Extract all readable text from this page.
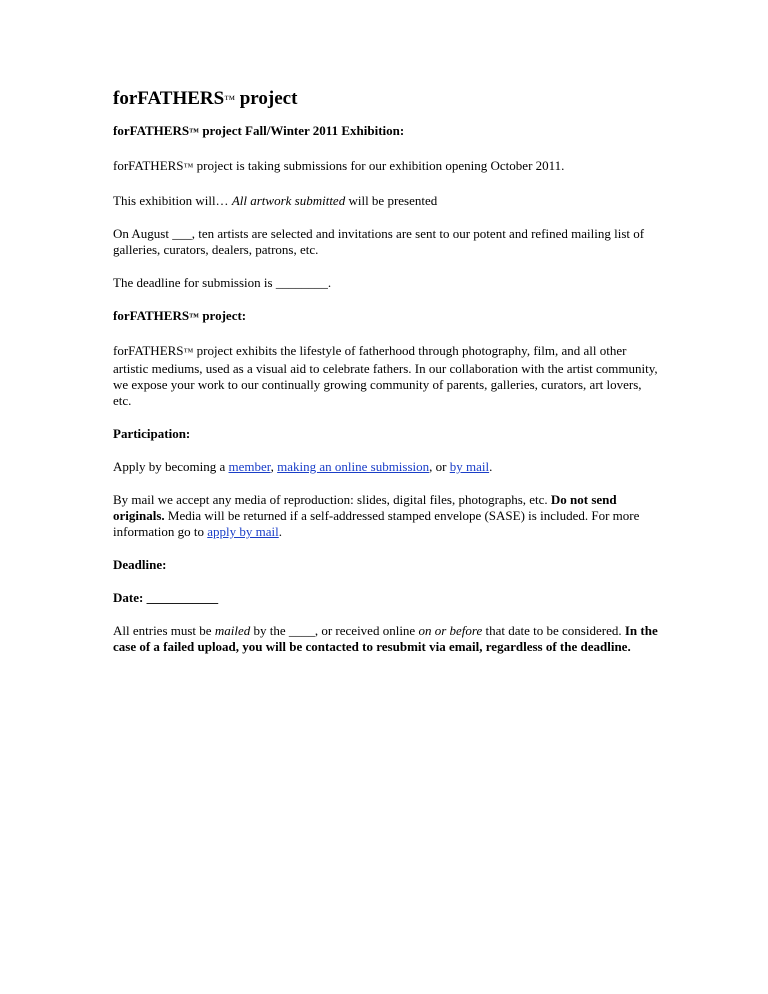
forFATHERS™ project

forFATHERS™ project Fall/Winter 2011 Exhibition:

forFATHERS™ project is taking submissions for our exhibition opening October 2011.

This exhibition will… All artwork submitted will be presented

On August ___, ten artists are selected and invitations are sent to our potent and refined mailing list of galleries, curators, dealers, patrons, etc.

The deadline for submission is ________.

forFATHERS™ project:

forFATHERS™ project exhibits the lifestyle of fatherhood through photography, film, and all other artistic mediums, used as a visual aid to celebrate fathers. In our collaboration with the artist community, we expose your work to our continually growing community of parents, galleries, curators, art lovers, etc.

Participation:

Apply by becoming a member, making an online submission, or by mail.

By mail we accept any media of reproduction: slides, digital files, photographs, etc. Do not send originals. Media will be returned if a self-addressed stamped envelope (SASE) is included. For more information go to apply by mail.

Deadline:

Date: ___________

All entries must be mailed by the ____, or received online on or before that date to be considered. In the case of a failed upload, you will be contacted to resubmit via email, regardless of the deadline.
